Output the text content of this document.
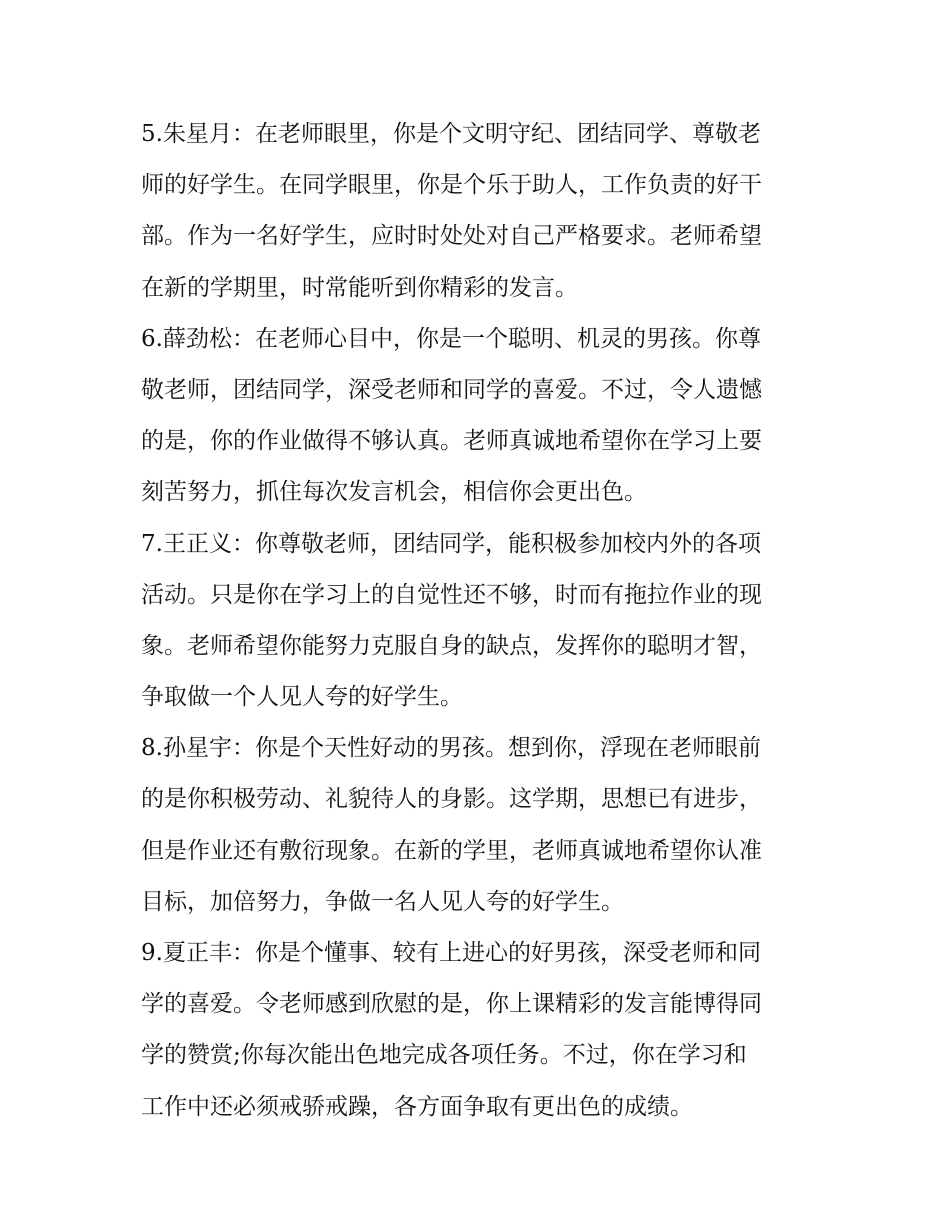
5.朱星月：在老师眼里，你是个文明守纪、团结同学、尊敬老
师的好学生。在同学眼里，你是个乐于助人，工作负责的好干
部。作为一名好学生，应时时处处对自己严格要求。老师希望
在新的学期里，时常能听到你精彩的发言。
6.薛劲松：在老师心目中，你是一个聪明、机灵的男孩。你尊
敬老师，团结同学，深受老师和同学的喜爱。不过，令人遗憾
的是，你的作业做得不够认真。老师真诚地希望你在学习上要
刻苦努力，抓住每次发言机会，相信你会更出色。
7.王正义：你尊敬老师，团结同学，能积极参加校内外的各项
活动。只是你在学习上的自觉性还不够，时而有拖拉作业的现
象。老师希望你能努力克服自身的缺点，发挥你的聪明才智，
争取做一个人见人夸的好学生。
8.孙星宇：你是个天性好动的男孩。想到你，浮现在老师眼前
的是你积极劳动、礼貌待人的身影。这学期，思想已有进步，
但是作业还有敷衍现象。在新的学里，老师真诚地希望你认准
目标，加倍努力，争做一名人见人夸的好学生。
9.夏正丰：你是个懂事、较有上进心的好男孩，深受老师和同
学的喜爱。令老师感到欣慰的是，你上课精彩的发言能博得同
学的赞赏;你每次能出色地完成各项任务。不过，你在学习和
工作中还必须戒骄戒躁，各方面争取有更出色的成绩。
